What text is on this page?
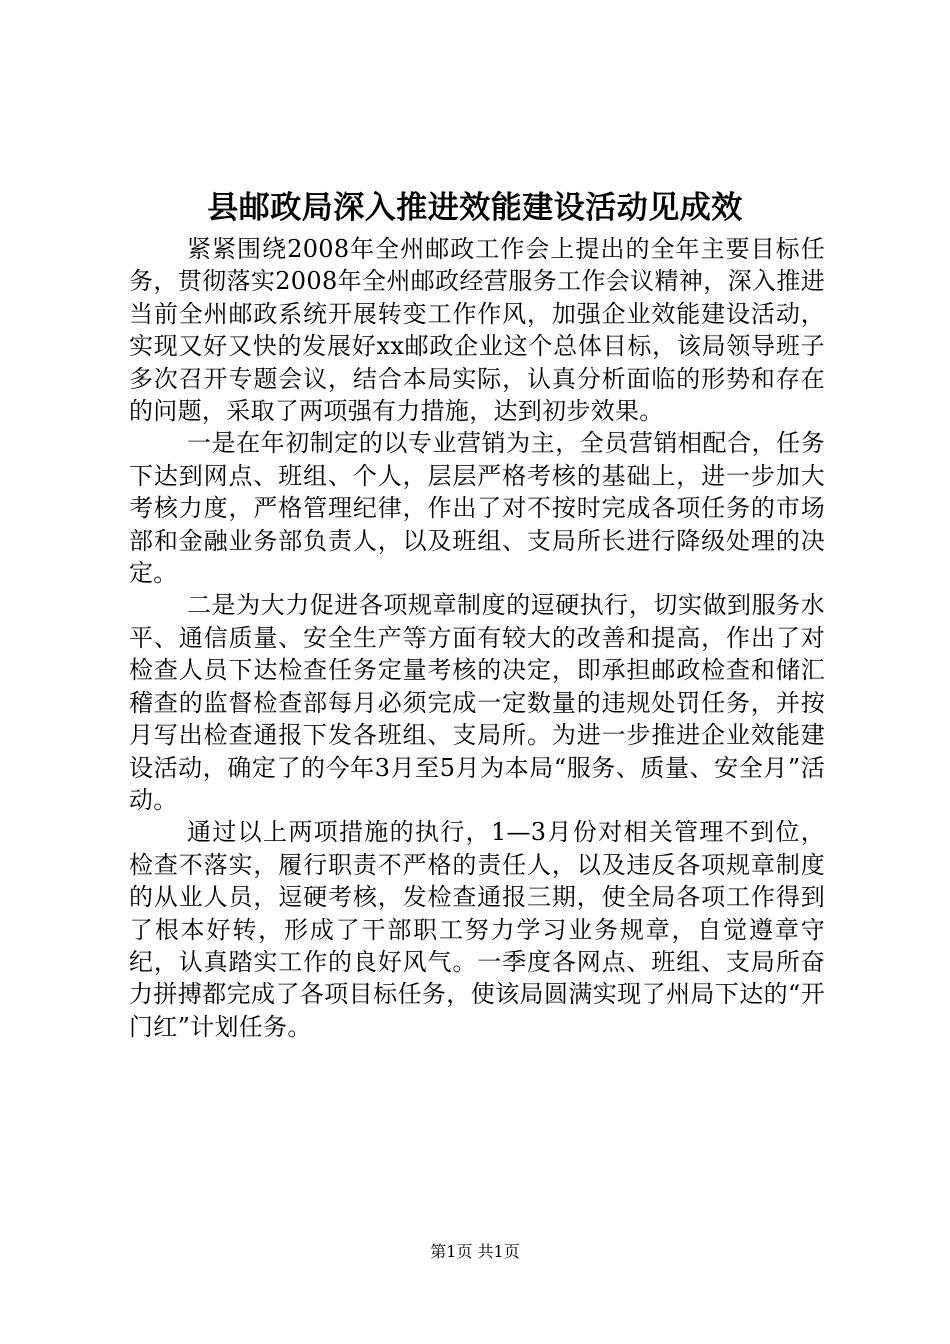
县邮政局深入推进效能建设活动见成效

紧紧围绕2008年全州邮政工作会上提出的全年主要目标任务，贯彻落实2008年全州邮政经营服务工作会议精神，深入推进当前全州邮政系统开展转变工作作风，加强企业效能建设活动，实现又好又快的发展好xx邮政企业这个总体目标，该局领导班子多次召开专题会议，结合本局实际，认真分析面临的形势和存在的问题，采取了两项强有力措施，达到初步效果。

一是在年初制定的以专业营销为主，全员营销相配合，任务下达到网点、班组、个人，层层严格考核的基础上，进一步加大考核力度，严格管理纪律，作出了对不按时完成各项任务的市场部和金融业务部负责人，以及班组、支局所长进行降级处理的决定。

二是为大力促进各项规章制度的逗硬执行，切实做到服务水平、通信质量、安全生产等方面有较大的改善和提高，作出了对检查人员下达检查任务定量考核的决定，即承担邮政检查和储汇稽查的监督检查部每月必须完成一定数量的违规处罚任务，并按月写出检查通报下发各班组、支局所。为进一步推进企业效能建设活动，确定了的今年3月至5月为本局“服务、质量、安全月”活动。

通过以上两项措施的执行，1—3月份对相关管理不到位，检查不落实，履行职责不严格的责任人，以及违反各项规章制度的从业人员，逗硬考核，发检查通报三期，使全局各项工作得到了根本好转，形成了干部职工努力学习业务规章，自觉遵章守纪，认真踏实工作的良好风气。一季度各网点、班组、支局所奋力拼搏都完成了各项目标任务，使该局圆满实现了州局下达的“开门红”计划任务。

第1页 共1页
